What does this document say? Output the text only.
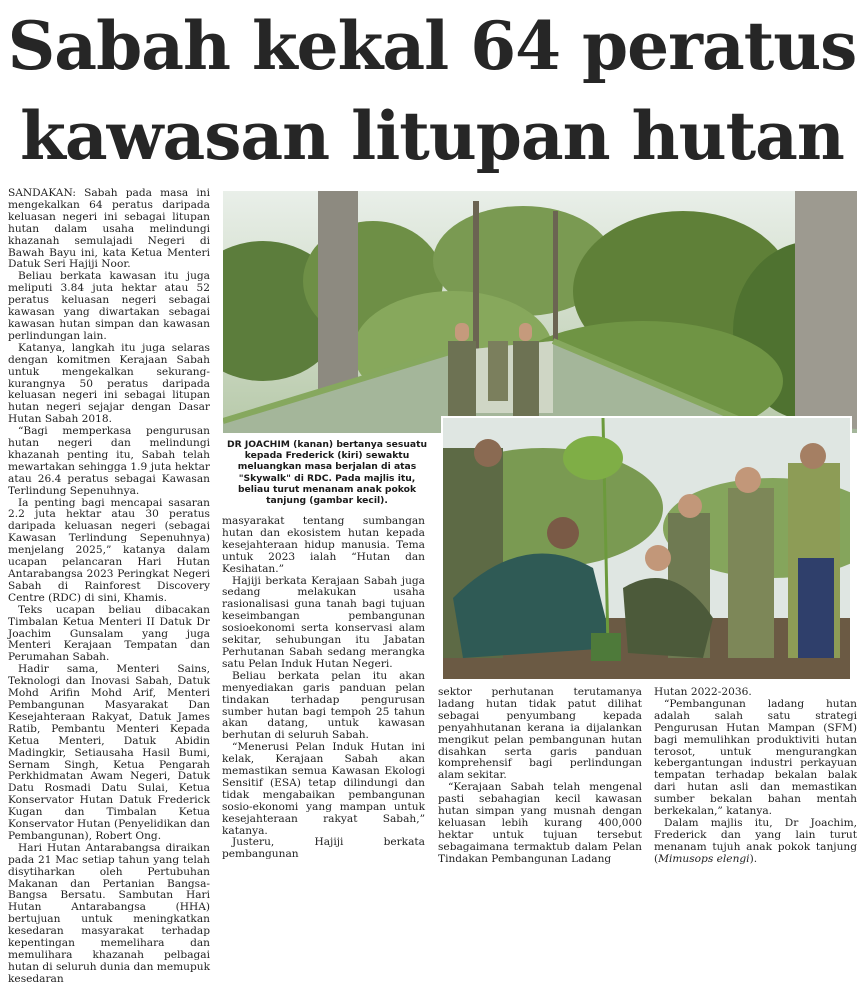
Sabah kekal 64 peratus
kawasan litupan hutan

SANDAKAN: Sabah pada masa ini mengekalkan 64 peratus daripada keluasan negeri ini sebagai litupan hutan dalam usaha melindungi khazanah semulajadi Negeri di Bawah Bayu ini, kata Ketua Menteri Datuk Seri Hajiji Noor.

Beliau berkata kawasan itu juga meliputi 3.84 juta hektar atau 52 peratus keluasan negeri sebagai kawasan yang diwartakan sebagai kawasan hutan simpan dan kawasan perlindungan lain.

Katanya, langkah itu juga selaras dengan komitmen Kerajaan Sabah untuk mengekalkan sekurang-kurangnya 50 peratus daripada keluasan negeri ini sebagai litupan hutan negeri sejajar dengan Dasar Hutan Sabah 2018.

“Bagi memperkasa pengurusan hutan negeri dan melindungi khazanah penting itu, Sabah telah mewartakan sehingga 1.9 juta hektar atau 26.4 peratus sebagai Kawasan Terlindung Sepenuhnya.

Ia penting bagi mencapai sasaran 2.2 juta hektar atau 30 peratus daripada keluasan negeri (sebagai Kawasan Terlindung Sepenuhnya) menjelang 2025,” katanya dalam ucapan pelancaran Hari Hutan Antarabangsa 2023 Peringkat Negeri Sabah di Rainforest Discovery Centre (RDC) di sini, Khamis.

Teks ucapan beliau dibacakan Timbalan Ketua Menteri II Datuk Dr Joachim Gunsalam yang juga Menteri Kerajaan Tempatan dan Perumahan Sabah.

Hadir sama, Menteri Sains, Teknologi dan Inovasi Sabah, Datuk Mohd Arifin Mohd Arif, Menteri Pembangunan Masyarakat Dan Kesejahteraan Rakyat, Datuk James Ratib, Pembantu Menteri Kepada Ketua Menteri, Datuk Abidin Madingkir, Setiausaha Hasil Bumi, Sernam Singh, Ketua Pengarah Perkhidmatan Awam Negeri, Datuk Datu Rosmadi Datu Sulai, Ketua Konservator Hutan Datuk Frederick Kugan dan Timbalan Ketua Konservator Hutan (Penyelidikan dan Pembangunan), Robert Ong.

Hari Hutan Antarabangsa diraikan pada 21 Mac setiap tahun yang telah disytiharkan oleh Pertubuhan Makanan dan Pertanian Bangsa-Bangsa Bersatu. Sambutan Hari Hutan Antarabangsa (HHA) bertujuan untuk meningkatkan kesedaran masyarakat terhadap kepentingan memelihara dan memulihara khazanah pelbagai hutan di seluruh dunia dan memupuk kesedaran

DR JOACHIM (kanan) bertanya sesuatu kepada Frederick (kiri) sewaktu meluangkan masa berjalan di atas "Skywalk" di RDC. Pada majlis itu, beliau turut menanam anak pokok tanjung (gambar kecil).

masyarakat tentang sumbangan hutan dan ekosistem hutan kepada kesejahteraan hidup manusia. Tema untuk 2023 ialah “Hutan dan Kesihatan.”

Hajiji berkata Kerajaan Sabah juga sedang melakukan usaha rasionalisasi guna tanah bagi tujuan keseimbangan pembangunan sosioekonomi serta konservasi alam sekitar, sehubungan itu Jabatan Perhutanan Sabah sedang merangka satu Pelan Induk Hutan Negeri.

Beliau berkata pelan itu akan menyediakan garis panduan pelan tindakan terhadap pengurusan sumber hutan bagi tempoh 25 tahun akan datang, untuk kawasan berhutan di seluruh Sabah.

“Menerusi Pelan Induk Hutan ini kelak, Kerajaan Sabah akan memastikan semua Kawasan Ekologi Sensitif (ESA) tetap dilindungi dan tidak mengabaikan pembangunan sosio-ekonomi yang mampan untuk kesejahteraan rakyat Sabah,” katanya.

Justeru, Hajiji berkata pembangunan

sektor perhutanan terutamanya ladang hutan tidak patut dilihat sebagai penyumbang kepada penyahhutanan kerana ia dijalankan mengikut pelan pembangunan hutan disahkan serta garis panduan komprehensif bagi perlindungan alam sekitar.

“Kerajaan Sabah telah mengenal pasti sebahagian kecil kawasan hutan simpan yang musnah dengan keluasan lebih kurang 400,000 hektar untuk tujuan tersebut sebagaimana termaktub dalam Pelan Tindakan Pembangunan Ladang

Hutan 2022-2036.

“Pembangunan ladang hutan adalah salah satu strategi Pengurusan Hutan Mampan (SFM) bagi memulihkan produktiviti hutan terosot, untuk mengurangkan kebergantungan industri perkayuan tempatan terhadap bekalan balak dari hutan asli dan memastikan sumber bekalan bahan mentah berkekalan,” katanya.

Dalam majlis itu, Dr Joachim, Frederick dan yang lain turut menanam tujuh anak pokok tanjung (Mimusops elengi).
